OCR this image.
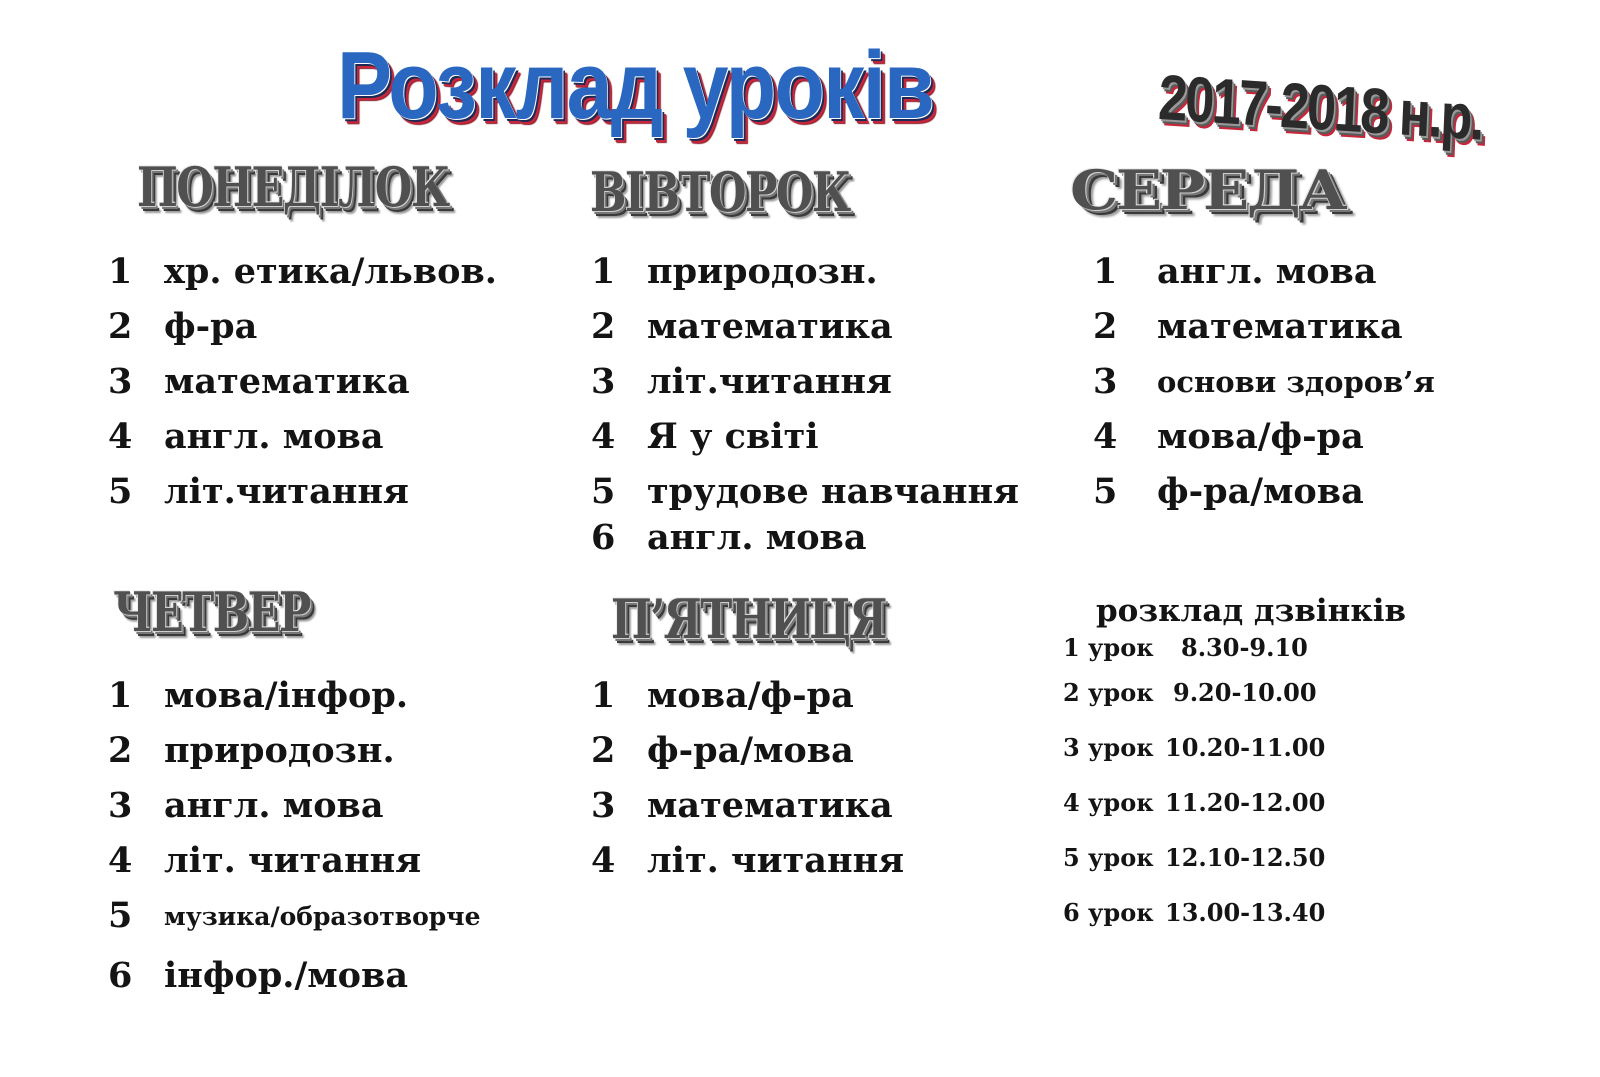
Розклад уроків	2017-2018 н.р.
ПОНЕДІЛОК
1 хр. етика/львов.
2 ф-ра
3 математика
4 англ. мова
5 літ.читання
ВІВТОРОК
1 природозн.
2 математика
3 літ.читання
4 Я у світі
5 трудове навчання
6 англ. мова
СЕРЕДА
1 англ. мова
2 математика
3 основи здоров’я
4 мова/ф-ра
5 ф-ра/мова
ЧЕТВЕР
1 мова/інфор.
2 природозн.
3 англ. мова
4 літ. читання
5 музика/образотворче
6 інфор./мова
П’ЯТНИЦЯ
1 мова/ф-ра
2 ф-ра/мова
3 математика
4 літ. читання
розклад дзвінків
1 урок 8.30-9.10
2 урок 9.20-10.00
3 урок 10.20-11.00
4 урок 11.20-12.00
5 урок 12.10-12.50
6 урок 13.00-13.40
